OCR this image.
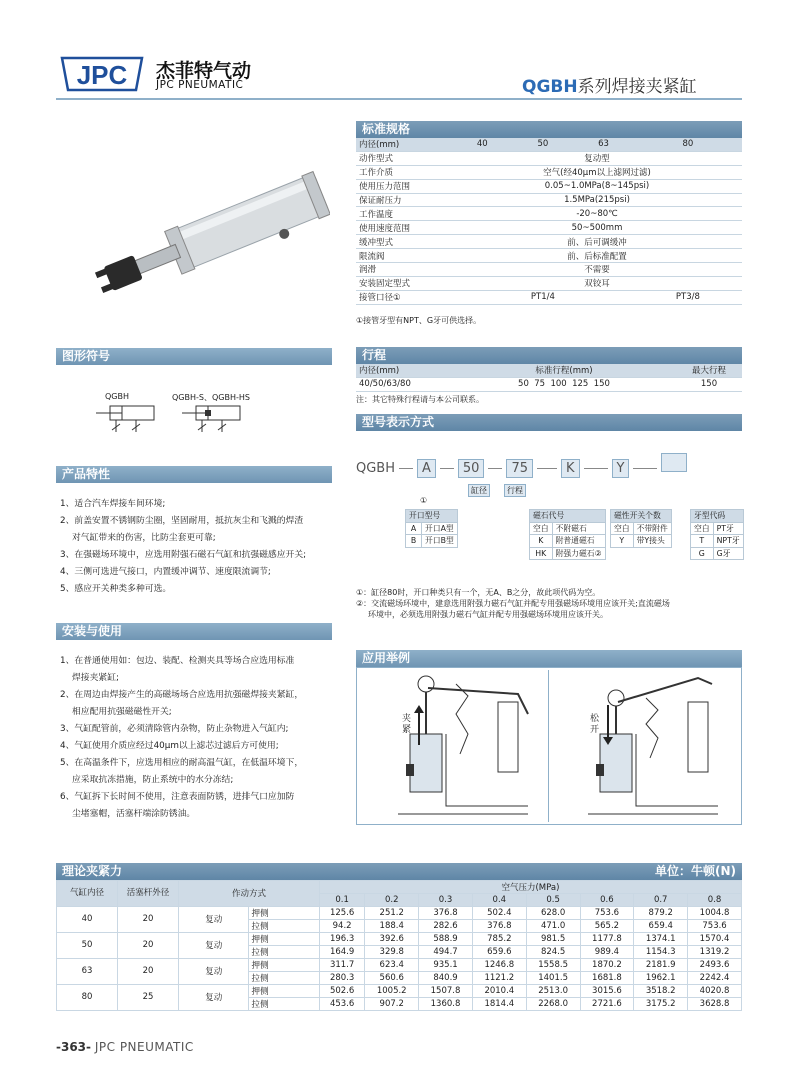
JPC 杰菲特气动
JPC PNEUMATIC	QGBH系列焊接夹紧缸
标准规格
内径(mm)	40	50	63	80
动作型式	复动型			
工作介质	空气(经40μm以上滤网过滤)			
使用压力范围	0.05~1.0MPa(8~145psi)			
保证耐压力	1.5MPa(215psi)			
工作温度	-20~80℃			
使用速度范围	50~500mm			
缓冲型式	前、后可调缓冲			
限流阀	前、后标准配置			
润滑	不需要			
安装固定型式	双铰耳			
接管口径①	PT1/4			PT3/8
①接管牙型有NPT、G牙可供选择。
图形符号
QGBH	QGBH-S、QGBH-HS
行程
内径(mm)	标准行程(mm)	最大行程
40/50/63/80	50  75  100  125  150	150
注：其它特殊行程请与本公司联系。
型号表示方式
QGBH A 50 75	K	Y
缸径	行程
①
开口型号	
A	开口A型
B	开口B型
磁石代号	
空白	不附磁石
K	附普通磁石
HK	附强力磁石②
磁性开关个数	
空白	不带附件
Y	带Y接头
牙型代码	
空白	PT牙
T	NPT牙
G	G牙

①：缸径80时，开口种类只有一个，无A、B之分，故此项代码为空。

②：交流磁场环境中，建意选用附强力磁石气缸并配专用强磁场环境用应该开关;直流磁场

环境中，必须选用附强力磁石气缸并配专用强磁场环境用应该开关。

产品特性

1、适合汽车焊接车间环境;

2、前盖安置不锈钢防尘圈，坚固耐用，抵抗灰尘和飞溅的焊渣

对气缸带来的伤害，比防尘套更可靠;

3、在强磁场环境中，应选用附强石磁石气缸和抗强磁感应开关;

4、三侧可选进气接口，内置缓冲调节、速度限流调节;

5、感应开关种类多种可选。

安装与使用

1、在普通使用如：包边、装配、检测夹具等场合应选用标准

焊接夹紧缸;

2、在周边由焊接产生的高磁场场合应选用抗强磁焊接夹紧缸，

相应配用抗强磁磁性开关;

3、气缸配管前，必须清除管内杂物，防止杂物进入气缸内;

4、气缸使用介质应经过40μm以上滤芯过滤后方可使用;

5、在高温条件下，应选用相应的耐高温气缸，在低温环境下，

应采取抗冻措施，防止系统中的水分冻结;

6、气缸拆下长时间不使用，注意表面防锈，进排气口应加防

尘堵塞帽，活塞杆端涂防锈油。

应用举例
夹紧
松开
理论夹紧力	单位：牛顿(N)
气缸内径	活塞杆外径	作动方式		空气压力(MPa)							
				0.1	0.2	0.3	0.4	0.5	0.6	0.7	0.8
40	20	复动	押侧	125.6	251.2	376.8	502.4	628.0	753.6	879.2	1004.8
			拉侧	94.2	188.4	282.6	376.8	471.0	565.2	659.4	753.6
50	20	复动	押侧	196.3	392.6	588.9	785.2	981.5	1177.8	1374.1	1570.4
			拉侧	164.9	329.8	494.7	659.6	824.5	989.4	1154.3	1319.2
63	20	复动	押侧	311.7	623.4	935.1	1246.8	1558.5	1870.2	2181.9	2493.6
			拉侧	280.3	560.6	840.9	1121.2	1401.5	1681.8	1962.1	2242.4
80	25	复动	押侧	502.6	1005.2	1507.8	2010.4	2513.0	3015.6	3518.2	4020.8
			拉侧	453.6	907.2	1360.8	1814.4	2268.0	2721.6	3175.2	3628.8
-363- JPC PNEUMATIC
